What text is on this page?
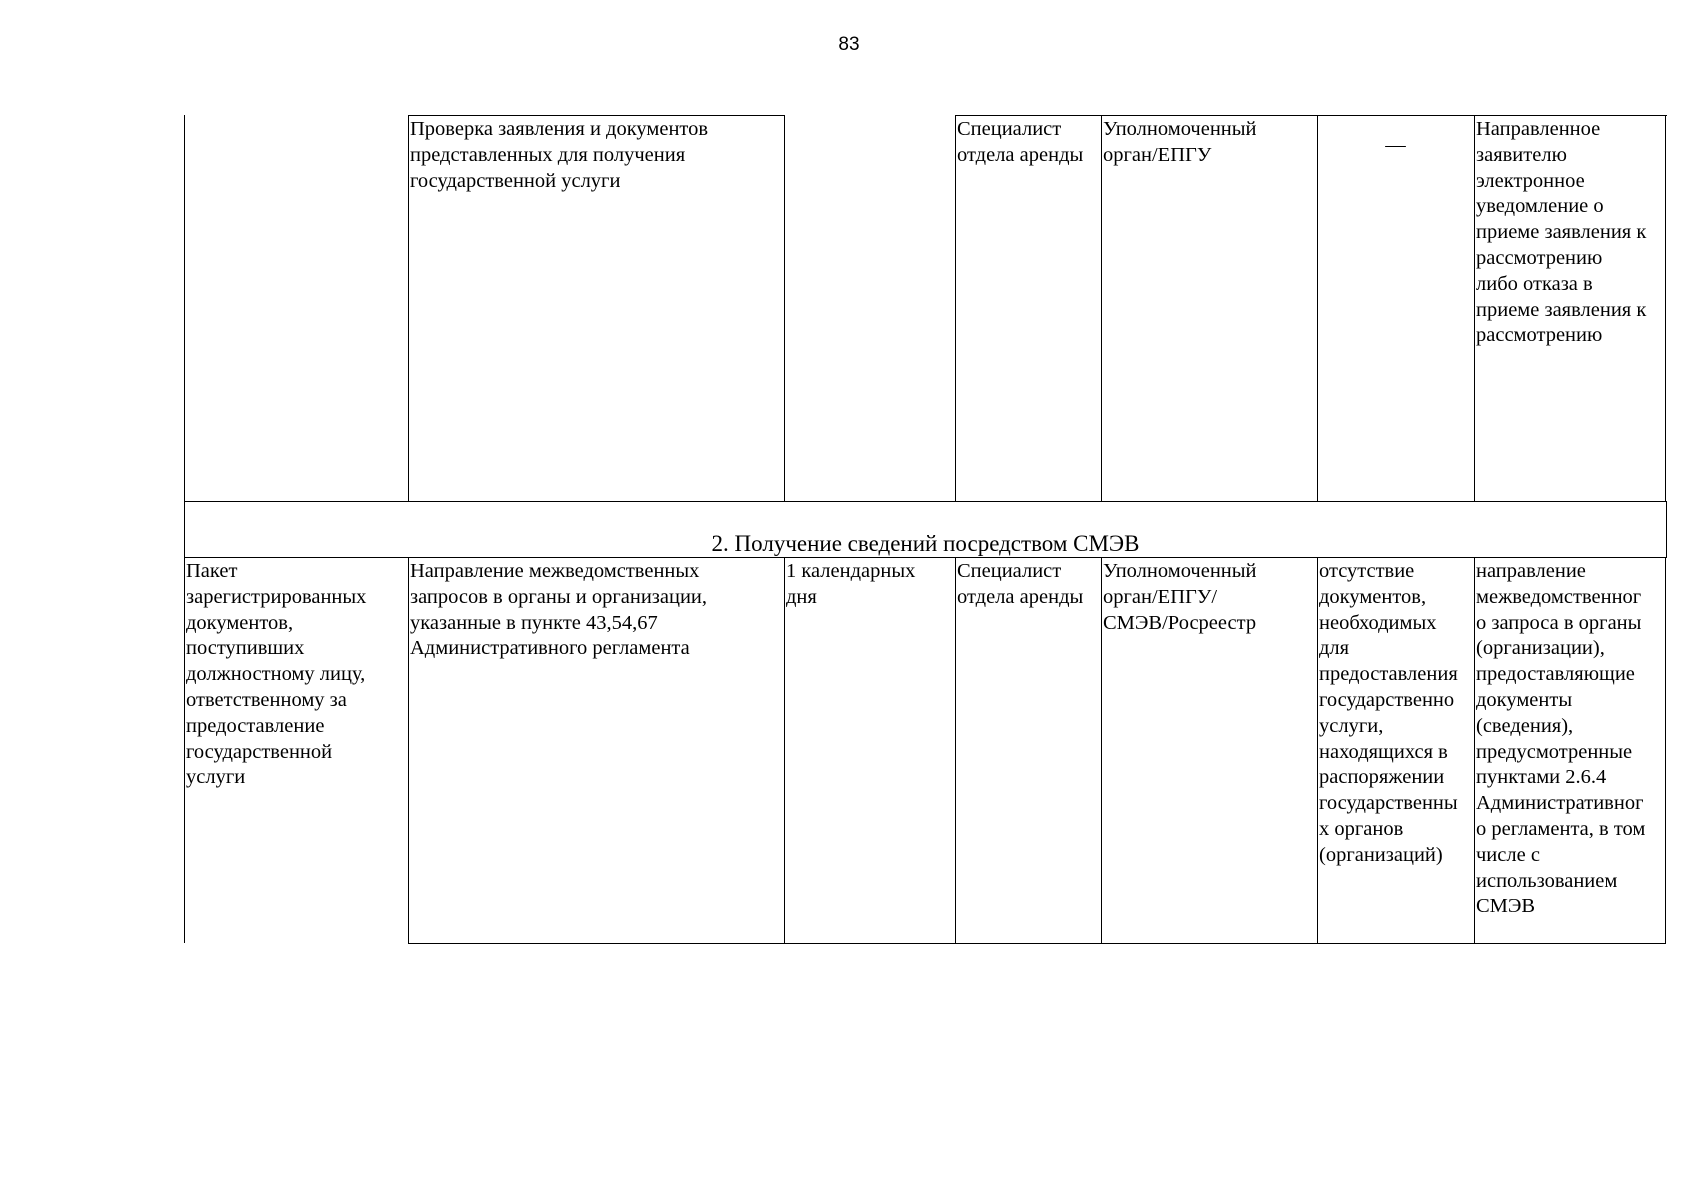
83
Проверка заявления и документов
представленных для получения
государственной услуги
Специалист
отдела аренды
Уполномоченный
орган/ЕПГУ	—
Направленное
заявителю
электронное
уведомление о
приеме заявления к
рассмотрению
либо отказа в
приеме заявления к
рассмотрению
2. Получение сведений посредством СМЭВ
Пакет
зарегистрированных
документов,
поступивших
должностному лицу,
ответственному за
предоставление
государственной
услуги
Направление межведомственных
запросов в органы и организации,
указанные в пункте 43,54,67
Административного регламента
1 календарных
дня
Специалист
отдела аренды
Уполномоченный
орган/ЕПГУ/
СМЭВ/Росреестр
отсутствие
документов,
необходимых
для
предоставления
государственно
услуги,
находящихся в
распоряжении
государственны
х органов
(организаций)
направление
межведомственног
о запроса в органы
(организации),
предоставляющие
документы
(сведения),
предусмотренные
пунктами 2.6.4
Административног
о регламента, в том
числе с
использованием
СМЭВ
